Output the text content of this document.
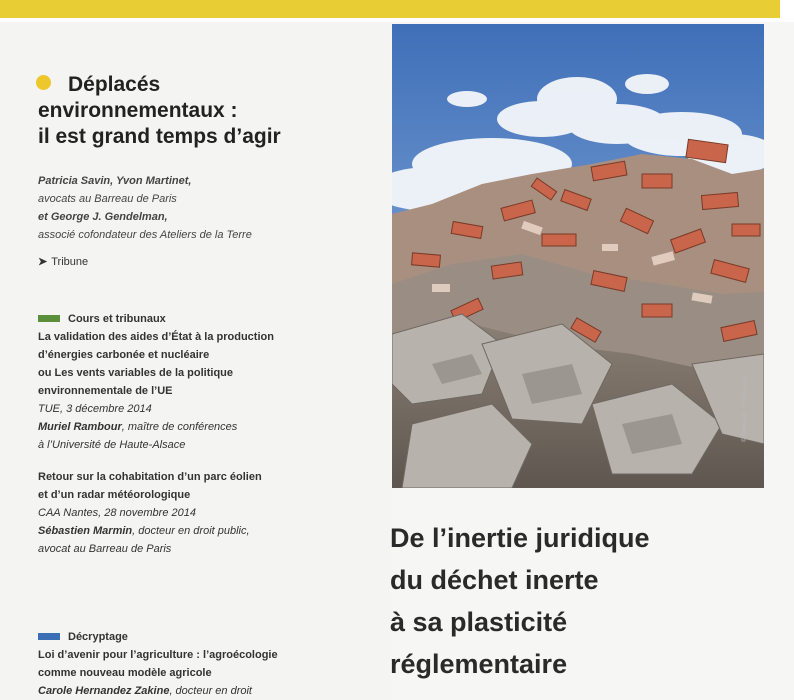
Déplacés
environnementaux :
il est grand temps d’agir
Patricia Savin, Yvon Martinet,
avocats au Barreau de Paris
et George J. Gendelman,
associé cofondateur des Ateliers de la Terre
➤ Tribune
Cours et tribunaux
La validation des aides d’État à la production
d’énergies carbonée et nucléaire
ou Les vents variables de la politique
environnementale de l’UE
TUE, 3 décembre 2014
Muriel Rambour, maître de conférences
à l’Université de Haute-Alsace
Retour sur la cohabitation d’un parc éolien
et d’un radar météorologique
CAA Nantes, 28 novembre 2014
Sébastien Marmin, docteur en droit public,
avocat au Barreau de Paris
Décryptage
Loi d’avenir pour l’agriculture : l’agroécologie
comme nouveau modèle agricole
Carole Hernandez Zakine, docteur en droit
© Bertrand - Fotolia.com
De l’inertie juridique
du déchet inerte
à sa plasticité
réglementaire
